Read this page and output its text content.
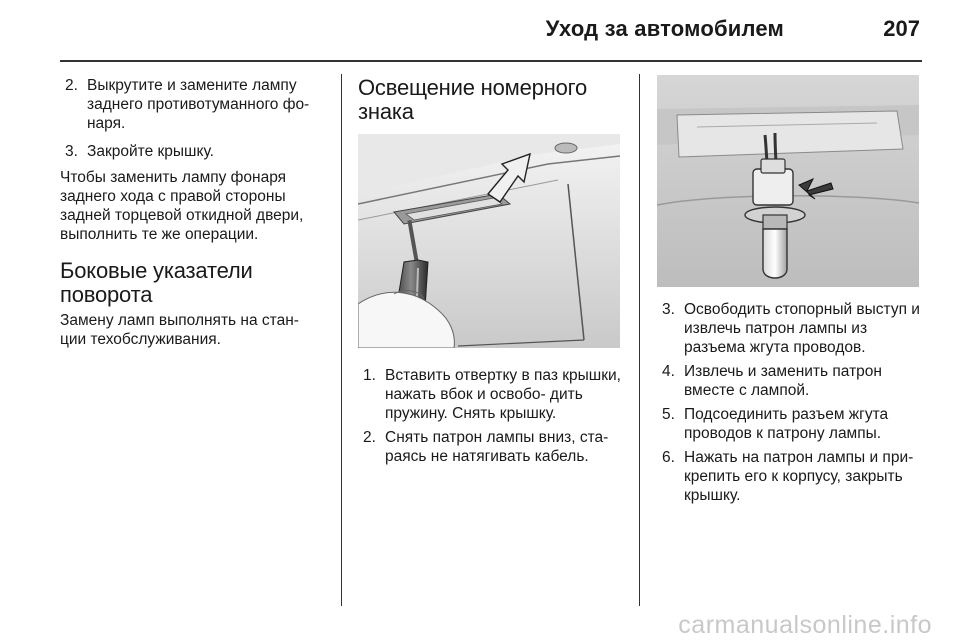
Уход за автомобилем	207

2. Выкрутите и замените лампу заднего противотуманного фо- наря.

3. Закройте крышку.

Чтобы заменить лампу фонаря заднего хода с правой стороны задней торцевой откидной двери, выполнить те же операции.

Боковые указатели поворота

Замену ламп выполнять на стан- ции техобслуживания.

Освещение номерного знака

1. Вставить отвертку в паз крышки, нажать вбок и освобо- дить пружину. Снять крышку.

2. Снять патрон лампы вниз, ста- раясь не натягивать кабель.

3. Освободить стопорный выступ и извлечь патрон лампы из разъема жгута проводов.

4. Извлечь и заменить патрон вместе с лампой.

5. Подсоединить разъем жгута проводов к патрону лампы.

6. Нажать на патрон лампы и при- крепить его к корпусу, закрыть крышку.

carmanualsonline.info
